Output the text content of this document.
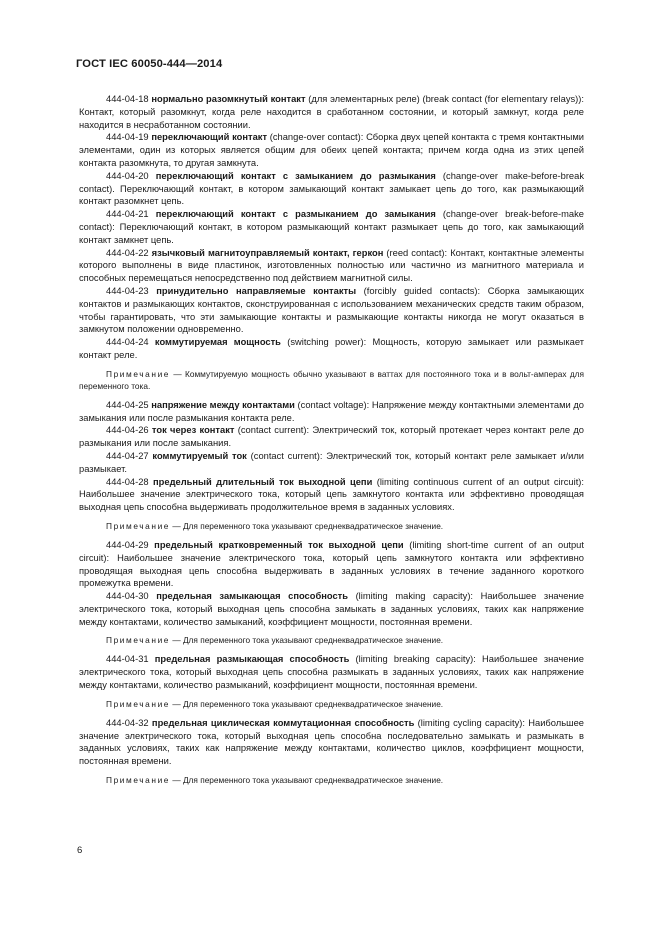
ГОСТ IEC 60050-444—2014

444-04-18 нормально разомкнутый контакт (для элементарных реле) (break contact (for elementary relays)): Контакт, который разомкнут, когда реле находится в сработанном состоянии, и который замкнут, когда реле находится в несработанном состоянии.

444-04-19 переключающий контакт (change-over contact): Сборка двух цепей контакта с тремя контактными элементами, один из которых является общим для обеих цепей контакта; причем когда одна из этих цепей контакта разомкнута, то другая замкнута.

444-04-20 переключающий контакт с замыканием до размыкания (change-over make-before-break contact). Переключающий контакт, в котором замыкающий контакт замыкает цепь до того, как размыкающий контакт разомкнет цепь.

444-04-21 переключающий контакт с размыканием до замыкания (change-over break-before-make contact): Переключающий контакт, в котором размыкающий контакт размыкает цепь до того, как замыкающий контакт замкнет цепь.

444-04-22 язычковый магнитоуправляемый контакт, геркон (reed contact): Контакт, контактные элементы которого выполнены в виде пластинок, изготовленных полностью или частично из магнитного материала и способных перемещаться непосредственно под действием магнитной силы.

444-04-23 принудительно направляемые контакты (forcibly guided contacts): Сборка замыкающих контактов и размыкающих контактов, сконструированная с использованием механических средств таким образом, чтобы гарантировать, что эти замыкающие контакты и размыкающие контакты никогда не могут оказаться в замкнутом положении одновременно.

444-04-24 коммутируемая мощность (switching power): Мощность, которую замыкает или размыкает контакт реле.

Примечание — Коммутируемую мощность обычно указывают в ваттах для постоянного тока и в вольт-амперах для переменного тока.

444-04-25 напряжение между контактами (contact voltage): Напряжение между контактными элементами до замыкания или после размыкания контакта реле.

444-04-26 ток через контакт (contact current): Электрический ток, который протекает через контакт реле до размыкания или после замыкания.

444-04-27 коммутируемый ток (contact current): Электрический ток, который контакт реле замыкает и/или размыкает.

444-04-28 предельный длительный ток выходной цепи (limiting continuous current of an output circuit): Наибольшее значение электрического тока, который цепь замкнутого контакта или эффективно проводящая выходная цепь способна выдерживать продолжительное время в заданных условиях.

Примечание — Для переменного тока указывают среднеквадратическое значение.

444-04-29 предельный кратковременный ток выходной цепи (limiting short-time current of an output circuit): Наибольшее значение электрического тока, который цепь замкнутого контакта или эффективно проводящая выходная цепь способна выдерживать в заданных условиях в течение заданного короткого промежутка времени.

444-04-30 предельная замыкающая способность (limiting making capacity): Наибольшее значение электрического тока, который выходная цепь способна замыкать в заданных условиях, таких как напряжение между контактами, количество замыканий, коэффициент мощности, постоянная времени.

Примечание — Для переменного тока указывают среднеквадратическое значение.

444-04-31 предельная размыкающая способность (limiting breaking capacity): Наибольшее значение электрического тока, который выходная цепь способна размыкать в заданных условиях, таких как напряжение между контактами, количество размыканий, коэффициент мощности, постоянная времени.

Примечание — Для переменного тока указывают среднеквадратическое значение.

444-04-32 предельная циклическая коммутационная способность (limiting cycling capacity): Наибольшее значение электрического тока, который выходная цепь способна последовательно замыкать и размыкать в заданных условиях, таких как напряжение между контактами, количество циклов, коэффициент мощности, постоянная времени.

Примечание — Для переменного тока указывают среднеквадратическое значение.

6
